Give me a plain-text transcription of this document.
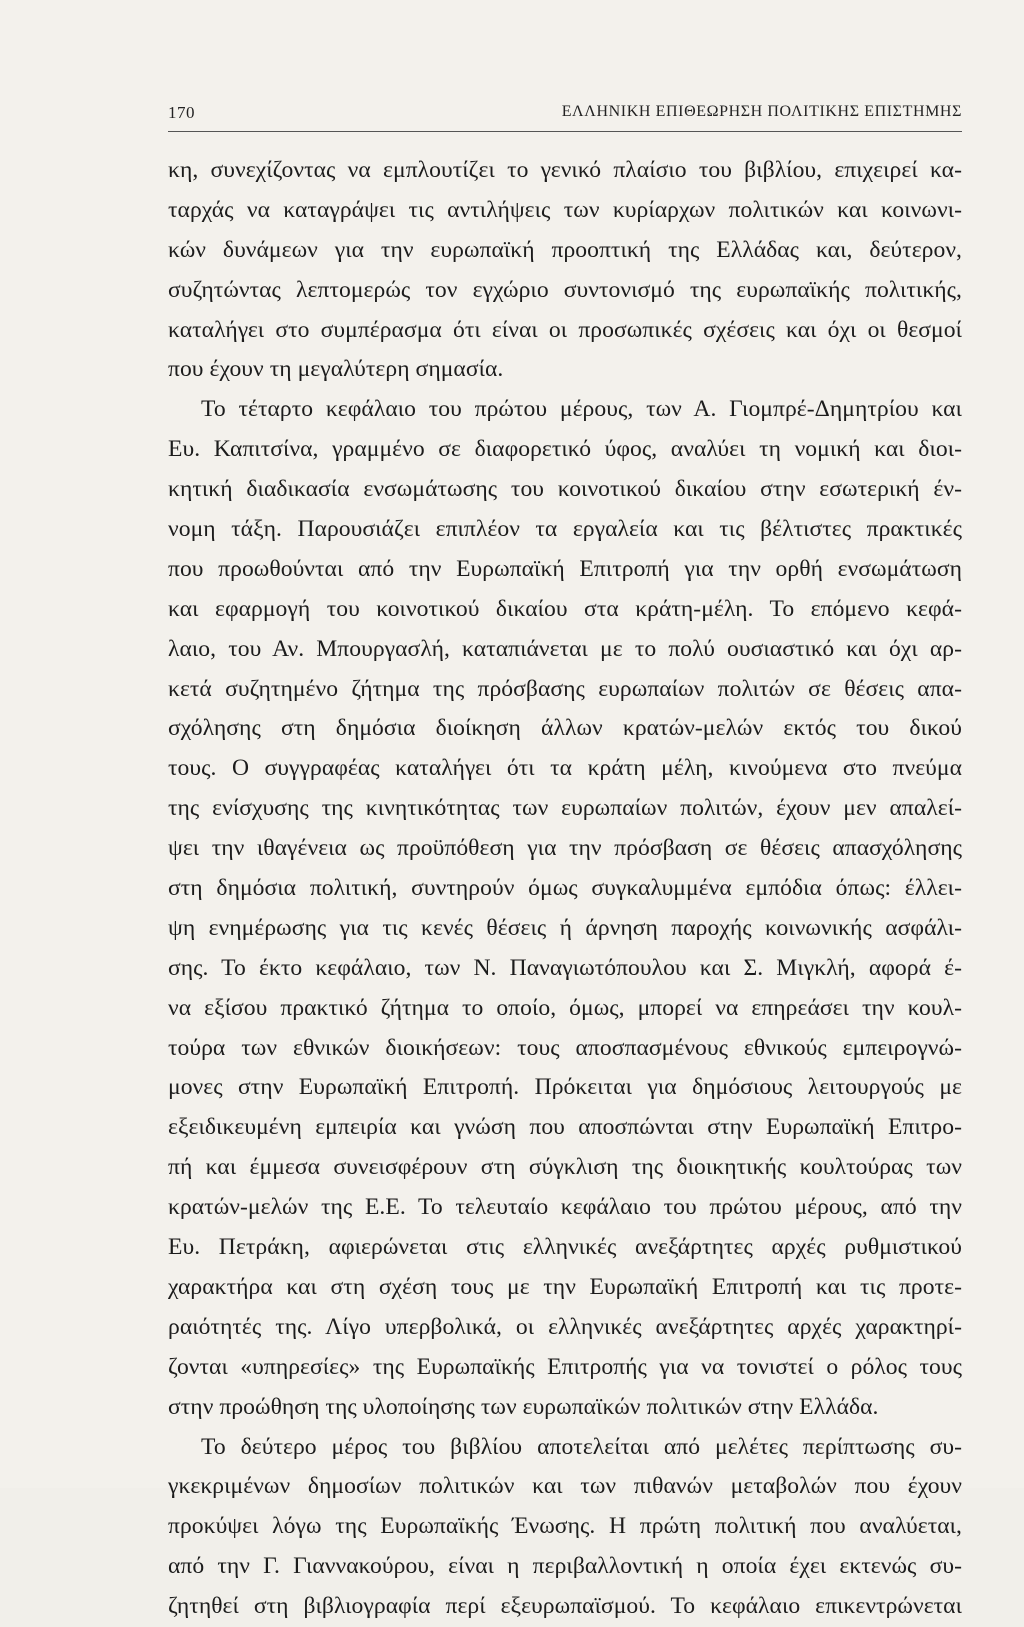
170	ΕΛΛΗΝΙΚΗ ΕΠΙΘΕΩΡΗΣΗ ΠΟΛΙΤΙΚΗΣ ΕΠΙΣΤΗΜΗΣ
κη, συνεχίζοντας να εμπλουτίζει το γενικό πλαίσιο του βιβλίου, επιχειρεί κα-
ταρχάς να καταγράψει τις αντιλήψεις των κυρίαρχων πολιτικών και κοινωνι-
κών δυνάμεων για την ευρωπαϊκή προοπτική της Ελλάδας και, δεύτερον,
συζητώντας λεπτομερώς τον εγχώριο συντονισμό της ευρωπαϊκής πολιτικής,
καταλήγει στο συμπέρασμα ότι είναι οι προσωπικές σχέσεις και όχι οι θεσμοί
που έχουν τη μεγαλύτερη σημασία.
Το τέταρτο κεφάλαιο του πρώτου μέρους, των Α. Γιομπρέ-Δημητρίου και
Ευ. Καπιτσίνα, γραμμένο σε διαφορετικό ύφος, αναλύει τη νομική και διοι-
κητική διαδικασία ενσωμάτωσης του κοινοτικού δικαίου στην εσωτερική έν-
νομη τάξη. Παρουσιάζει επιπλέον τα εργαλεία και τις βέλτιστες πρακτικές
που προωθούνται από την Ευρωπαϊκή Επιτροπή για την ορθή ενσωμάτωση
και εφαρμογή του κοινοτικού δικαίου στα κράτη-μέλη. Το επόμενο κεφά-
λαιο, του Αν. Μπουργασλή, καταπιάνεται με το πολύ ουσιαστικό και όχι αρ-
κετά συζητημένο ζήτημα της πρόσβασης ευρωπαίων πολιτών σε θέσεις απα-
σχόλησης στη δημόσια διοίκηση άλλων κρατών-μελών εκτός του δικού
τους. Ο συγγραφέας καταλήγει ότι τα κράτη μέλη, κινούμενα στο πνεύμα
της ενίσχυσης της κινητικότητας των ευρωπαίων πολιτών, έχουν μεν απαλεί-
ψει την ιθαγένεια ως προϋπόθεση για την πρόσβαση σε θέσεις απασχόλησης
στη δημόσια πολιτική, συντηρούν όμως συγκαλυμμένα εμπόδια όπως: έλλει-
ψη ενημέρωσης για τις κενές θέσεις ή άρνηση παροχής κοινωνικής ασφάλι-
σης. Το έκτο κεφάλαιο, των Ν. Παναγιωτόπουλου και Σ. Μιγκλή, αφορά έ-
να εξίσου πρακτικό ζήτημα το οποίο, όμως, μπορεί να επηρεάσει την κουλ-
τούρα των εθνικών διοικήσεων: τους αποσπασμένους εθνικούς εμπειρογνώ-
μονες στην Ευρωπαϊκή Επιτροπή. Πρόκειται για δημόσιους λειτουργούς με
εξειδικευμένη εμπειρία και γνώση που αποσπώνται στην Ευρωπαϊκή Επιτρο-
πή και έμμεσα συνεισφέρουν στη σύγκλιση της διοικητικής κουλτούρας των
κρατών-μελών της Ε.Ε. Το τελευταίο κεφάλαιο του πρώτου μέρους, από την
Ευ. Πετράκη, αφιερώνεται στις ελληνικές ανεξάρτητες αρχές ρυθμιστικού
χαρακτήρα και στη σχέση τους με την Ευρωπαϊκή Επιτροπή και τις προτε-
ραιότητές της. Λίγο υπερβολικά, οι ελληνικές ανεξάρτητες αρχές χαρακτηρί-
ζονται «υπηρεσίες» της Ευρωπαϊκής Επιτροπής για να τονιστεί ο ρόλος τους
στην προώθηση της υλοποίησης των ευρωπαϊκών πολιτικών στην Ελλάδα.
Το δεύτερο μέρος του βιβλίου αποτελείται από μελέτες περίπτωσης συ-
γκεκριμένων δημοσίων πολιτικών και των πιθανών μεταβολών που έχουν
προκύψει λόγω της Ευρωπαϊκής Ένωσης. Η πρώτη πολιτική που αναλύεται,
από την Γ. Γιαννακούρου, είναι η περιβαλλοντική η οποία έχει εκτενώς συ-
ζητηθεί στη βιβλιογραφία περί εξευρωπαϊσμού. Το κεφάλαιο επικεντρώνεται
